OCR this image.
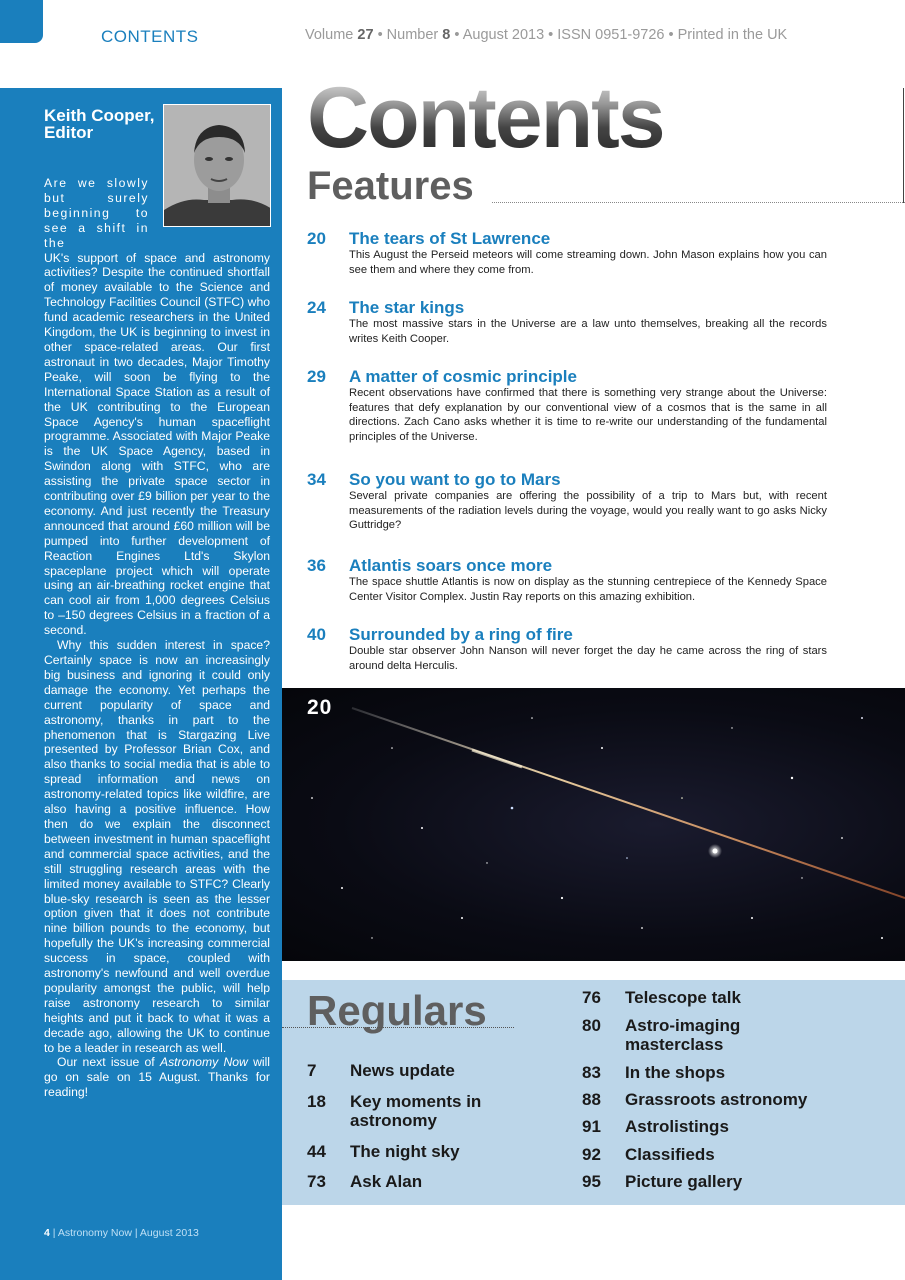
CONTENTS	Volume 27 • Number 8 • August 2013 • ISSN 0951-9726 • Printed in the UK
Keith Cooper, Editor

Are we slowly but surely beginning to see a shift in the

UK's support of space and astronomy activities? Despite the continued shortfall of money available to the Science and Technology Facilities Council (STFC) who fund academic researchers in the United Kingdom, the UK is beginning to invest in other space-related areas. Our first astronaut in two decades, Major Timothy Peake, will soon be flying to the International Space Station as a result of the UK contributing to the European Space Agency's human spaceflight programme. Associated with Major Peake is the UK Space Agency, based in Swindon along with STFC, who are assisting the private space sector in contributing over £9 billion per year to the economy. And just recently the Treasury announced that around £60 million will be pumped into further development of Reaction Engines Ltd's Skylon spaceplane project which will operate using an air-breathing rocket engine that can cool air from 1,000 degrees Celsius to –150 degrees Celsius in a fraction of a second.

Why this sudden interest in space? Certainly space is now an increasingly big business and ignoring it could only damage the economy. Yet perhaps the current popularity of space and astronomy, thanks in part to the phenomenon that is Stargazing Live presented by Professor Brian Cox, and also thanks to social media that is able to spread information and news on astronomy-related topics like wildfire, are also having a positive influence. How then do we explain the disconnect between investment in human spaceflight and commercial space activities, and the still struggling research areas with the limited money available to STFC? Clearly blue-sky research is seen as the lesser option given that it does not contribute nine billion pounds to the economy, but hopefully the UK's increasing commercial success in space, coupled with astronomy's newfound and well overdue popularity amongst the public, will help raise astronomy research to similar heights and put it back to what it was a decade ago, allowing the UK to continue to be a leader in research as well.

Our next issue of Astronomy Now will go on sale on 15 August. Thanks for reading!

4 | Astronomy Now | August 2013
Contents
Features
20 The tears of St Lawrence
This August the Perseid meteors will come streaming down. John Mason explains how you can see them and where they come from.
24 The star kings
The most massive stars in the Universe are a law unto themselves, breaking all the records writes Keith Cooper.
29 A matter of cosmic principle
Recent observations have confirmed that there is something very strange about the Universe: features that defy explanation by our conventional view of a cosmos that is the same in all directions. Zach Cano asks whether it is time to re-write our understanding of the fundamental principles of the Universe.
34 So you want to go to Mars
Several private companies are offering the possibility of a trip to Mars but, with recent measurements of the radiation levels during the voyage, would you really want to go asks Nicky Guttridge?
36 Atlantis soars once more
The space shuttle Atlantis is now on display as the stunning centrepiece of the Kennedy Space Center Visitor Complex. Justin Ray reports on this amazing exhibition.
40 Surrounded by a ring of fire
Double star observer John Nanson will never forget the day he came across the ring of stars around delta Herculis.
20
Regulars
7 News update
18 Key moments in astronomy
44 The night sky
73 Ask Alan
76 Telescope talk
80 Astro-imaging masterclass
83 In the shops
88 Grassroots astronomy
91 Astrolistings
92 Classifieds
95 Picture gallery
